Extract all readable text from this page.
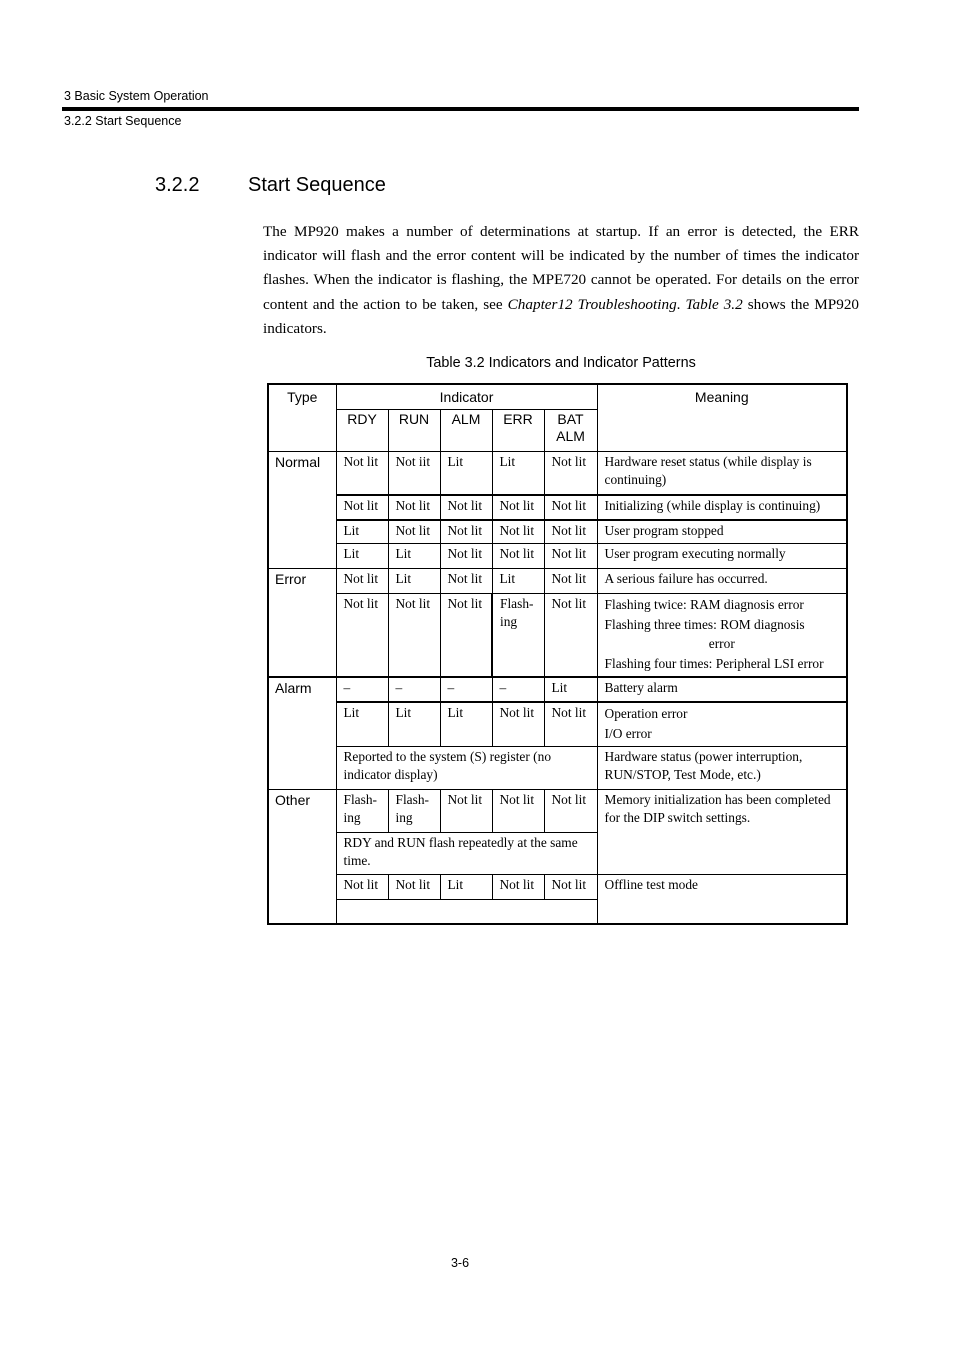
3 Basic System Operation
3.2.2 Start Sequence
3.2.2 Start Sequence

The MP920 makes a number of determinations at startup. If an error is detected, the ERR indicator will flash and the error content will be indicated by the number of times the indicator flashes. When the indicator is flashing, the MPE720 cannot be operated. For details on the error content and the action to be taken, see Chapter12 Troubleshooting. Table 3.2 shows the MP920 indicators.

Table 3.2 Indicators and Indicator Patterns
Type	Indicator					Meaning
	RDY	RUN	ALM	ERR	BAT
ALM	
Normal	Not lit	Not iit	Lit	Lit	Not lit	Hardware reset status (while display is continuing)
	Not lit	Not lit	Not lit	Not lit	Not lit	Initializing (while display is continuing)
	Lit	Not lit	Not lit	Not lit	Not lit	User program stopped
	Lit	Lit	Not lit	Not lit	Not lit	User program executing normally
Error	Not lit	Lit	Not lit	Lit	Not lit	A serious failure has occurred.
	Not lit	Not lit	Not lit	Flash-ing	Not lit	Flashing twice: RAM diagnosis error
Flashing three times: ROM diagnosis

error
Flashing four times: Peripheral LSI error
Alarm	–	–	–	–	Lit	Battery alarm
	Lit	Lit	Lit	Not lit	Not lit	Operation error
I/O error
	Reported to the system (S) register (no indicator display)					Hardware status (power interruption, RUN/STOP, Test Mode, etc.)
Other	Flash-ing	Flash-ing	Not lit	Not lit	Not lit	Memory initialization has been completed for the DIP switch settings.
	RDY and RUN flash repeatedly at the same time.					
	Not lit	Not lit	Lit	Not lit	Not lit	Offline test mode

3-6
